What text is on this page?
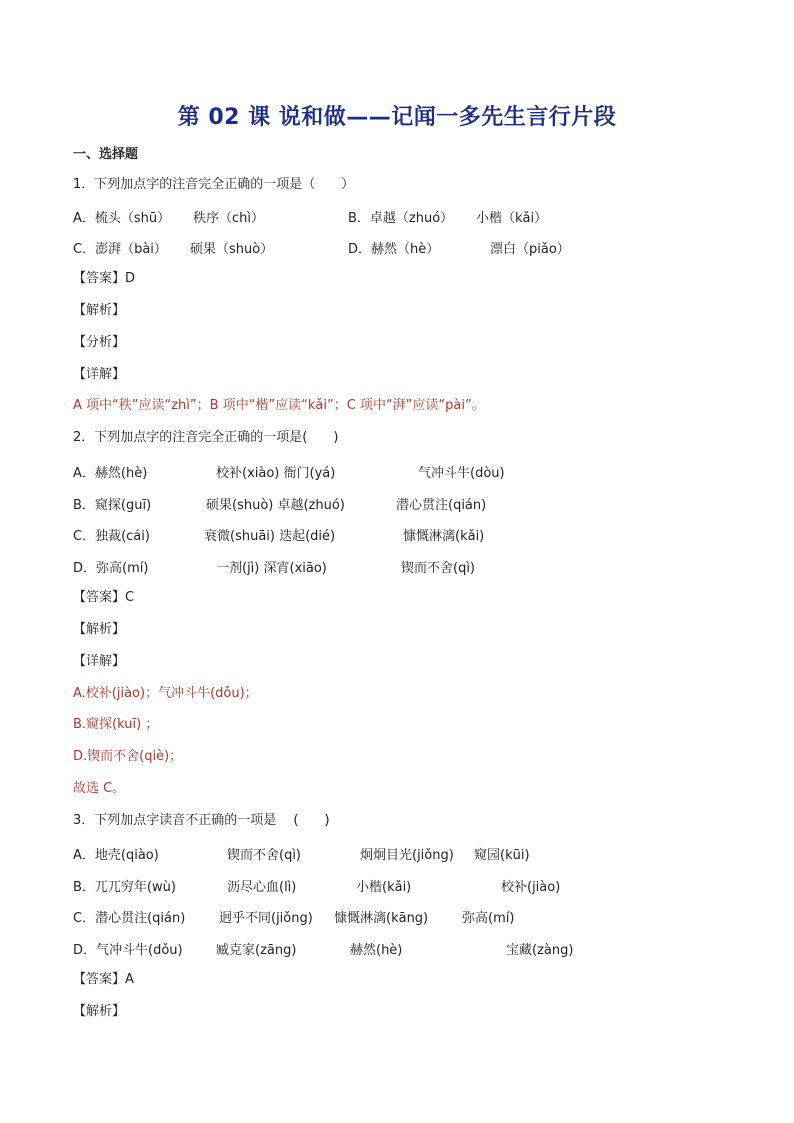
第 02 课 说和做——记闻一多先生言行片段
一、选择题
1．下列加点字的注音完全正确的一项是（　　）
A．梳头（shū） 秩序（chì）	B．卓越（zhuó） 小楷（kǎi）
C．澎湃（bài） 硕果（shuò）	D．赫然（hè）	漂白（piǎo）
【答案】D
【解析】
【分析】
【详解】
A 项中“秩”应读“zhì”；B 项中“楷”应读“kǎi”；C 项中“湃”应读“pài”。
2．下列加点字的注音完全正确的一项是(　　)
A．赫然(hè)	校补(xiào) 衙门(yá)	气冲斗牛(dòu)
B．窥探(guī)	硕果(shuò) 卓越(zhuó)	潜心贯注(qián)
C．独裁(cái)	衰微(shuāi) 迭起(dié)	慷慨淋漓(kǎi)
D．弥高(mí)	一剂(jì) 深宵(xiāo)	锲而不舍(qì)
【答案】C
【解析】
【详解】
A.校补(jiào)；气冲斗牛(dǒu)；
B.窥探(kuī) ；
D.锲而不舍(qiè)；
故选 C。
3．下列加点字读音不正确的一项是　 (　　)
A．地壳(qiào)	锲而不舍(qì)	炯炯目光(jiǒng) 窥园(kūi)
B．兀兀穷年(wù)	沥尽心血(lì)	小楷(kǎi)	校补(jiào)
C．潜心贯注(qián)	迥乎不同(jiǒng) 慷慨淋漓(kāng)	弥高(mí)
D．气冲斗牛(dǒu)	臧克家(zāng)	赫然(hè)	宝藏(zàng)
【答案】A
【解析】
